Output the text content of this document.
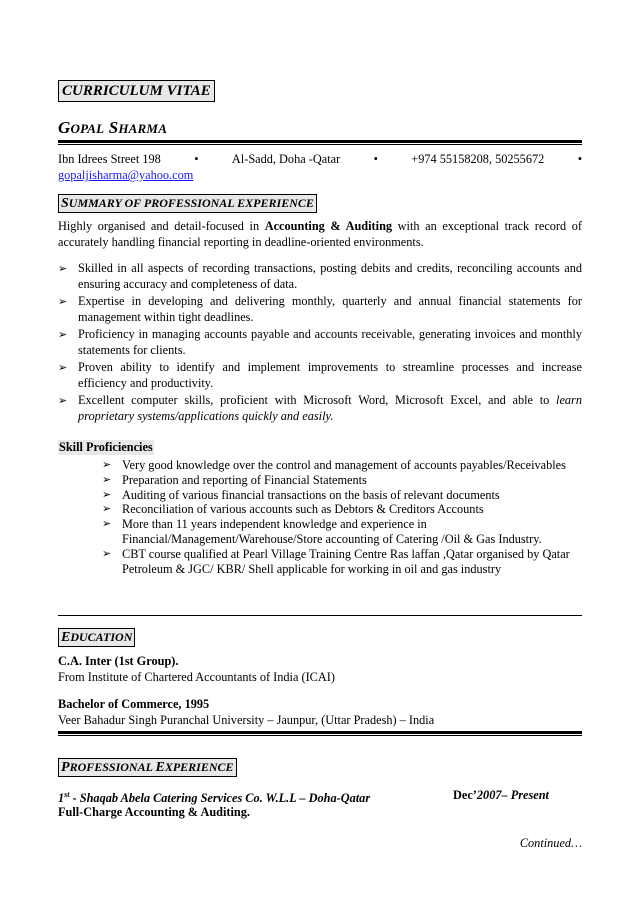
CURRICULUM VITAE
GOPAL SHARMA
Ibn Idrees Street 198	•	Al-Sadd, Doha -Qatar	•	+974 55158208, 50255672	•
gopaljisharma@yahoo.com
SUMMARY OF PROFESSIONAL EXPERIENCE
Highly organised and detail-focused in Accounting & Auditing with an exceptional track record of accurately handling financial reporting in deadline-oriented environments.
➢ Skilled in all aspects of recording transactions, posting debits and credits, reconciling accounts and ensuring accuracy and completeness of data.
➢ Expertise in developing and delivering monthly, quarterly and annual financial statements for management within tight deadlines.
➢ Proficiency in managing accounts payable and accounts receivable, generating invoices and monthly statements for clients.
➢ Proven ability to identify and implement improvements to streamline processes and increase efficiency and productivity.
➢ Excellent computer skills, proficient with Microsoft Word, Microsoft Excel, and able to learn proprietary systems/applications quickly and easily.
Skill Proficiencies
➢ Very good knowledge over the control and management of accounts payables/Receivables
➢ Preparation and reporting of Financial Statements
➢ Auditing of various financial transactions on the basis of relevant documents
➢ Reconciliation of various accounts such as Debtors & Creditors Accounts
➢ More than 11 years independent knowledge and experience in Financial/Management/Warehouse/Store accounting of Catering /Oil & Gas Industry.
➢ CBT course qualified at Pearl Village Training Centre Ras laffan ,Qatar organised by Qatar Petroleum & JGC/ KBR/ Shell applicable for working in oil and gas industry
EDUCATION
C.A. Inter (1st Group).
From Institute of Chartered Accountants of India (ICAI)
Bachelor of Commerce, 1995
Veer Bahadur Singh Puranchal University – Jaunpur, (Uttar Pradesh) – India
PROFESSIONAL EXPERIENCE
1st - Shaqab Abela Catering Services Co. W.L.L – Doha-Qatar	Dec’2007– Present
Full-Charge Accounting & Auditing.
Continued…
